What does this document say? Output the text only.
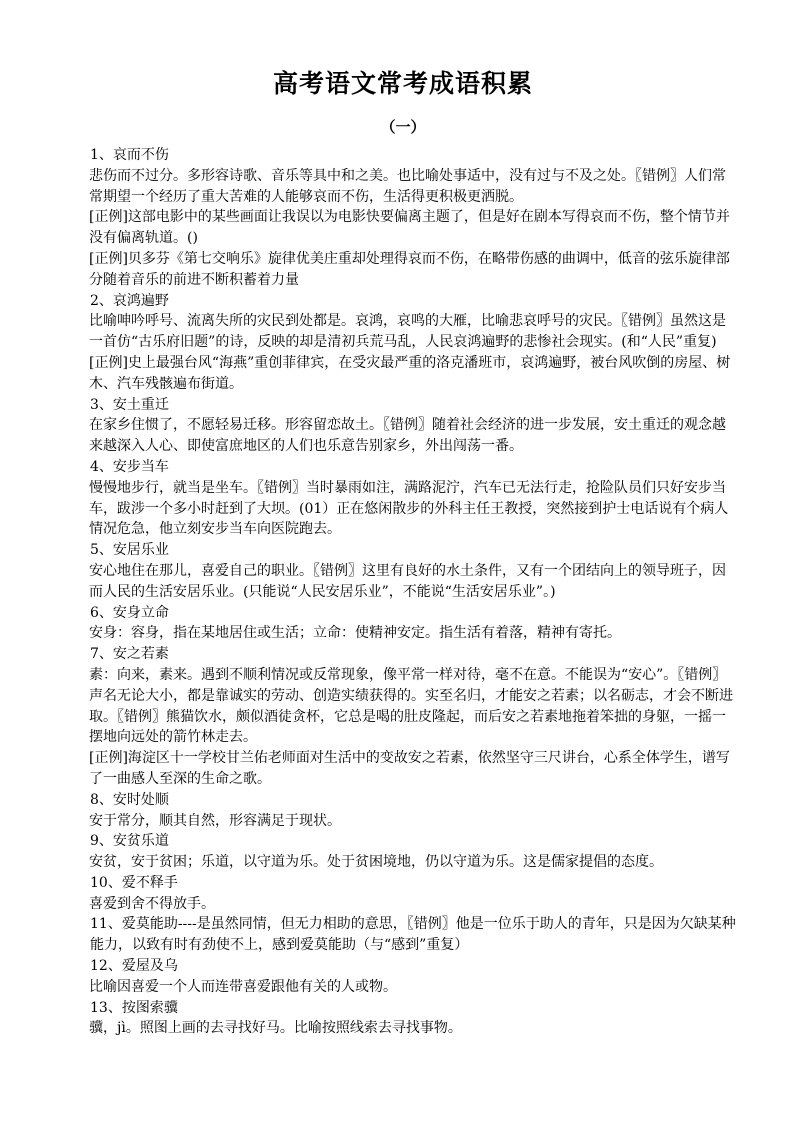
高考语文常考成语积累
（一）
1、哀而不伤
悲伤而不过分。多形容诗歌、音乐等具中和之美。也比喻处事适中，没有过与不及之处。〖错例〗人们常常期望一个经历了重大苦难的人能够哀而不伤，生活得更积极更洒脱。
[正例]这部电影中的某些画面让我误以为电影快要偏离主题了，但是好在剧本写得哀而不伤，整个情节并没有偏离轨道。()
[正例]贝多芬《第七交响乐》旋律优美庄重却处理得哀而不伤，在略带伤感的曲调中，低音的弦乐旋律部分随着音乐的前进不断积蓄着力量
2、哀鸿遍野
比喻呻吟呼号、流离失所的灾民到处都是。哀鸿，哀鸣的大雁，比喻悲哀呼号的灾民。〖错例〗虽然这是一首仿“古乐府旧题”的诗，反映的却是清初兵荒马乱，人民哀鸿遍野的悲惨社会现实。(和“人民”重复)
[正例]史上最强台风“海燕”重创菲律宾，在受灾最严重的洛克潘班市，哀鸿遍野，被台风吹倒的房屋、树木、汽车残骸遍布街道。
3、安土重迁
在家乡住惯了，不愿轻易迁移。形容留恋故土。〖错例〗随着社会经济的进一步发展，安土重迁的观念越来越深入人心、即使富庶地区的人们也乐意告别家乡，外出闯荡一番。
4、安步当车
慢慢地步行，就当是坐车。〖错例〗当时暴雨如注，满路泥泞，汽车已无法行走，抢险队员们只好安步当车，跋涉一个多小时赶到了大坝。(01）正在悠闲散步的外科主任王教授，突然接到护士电话说有个病人情况危急，他立刻安步当车向医院跑去。
5、安居乐业
安心地住在那儿，喜爱自己的职业。〖错例〗这里有良好的水土条件，又有一个团结向上的领导班子，因而人民的生活安居乐业。(只能说“人民安居乐业”，不能说“生活安居乐业”。)
6、安身立命
安身：容身，指在某地居住或生活；立命：使精神安定。指生活有着落，精神有寄托。
7、安之若素
素：向来，素来。遇到不顺利情况或反常现象，像平常一样对待，毫不在意。不能误为“安心”。〖错例〗声名无论大小，都是靠诚实的劳动、创造实绩获得的。实至名归，才能安之若素；以名砺志，才会不断进取。〖错例〗熊猫饮水，颇似酒徒贪杯，它总是喝的肚皮隆起，而后安之若素地拖着笨拙的身躯，一摇一摆地向远处的箭竹林走去。
[正例]海淀区十一学校甘兰佑老师面对生活中的变故安之若素，依然坚守三尺讲台，心系全体学生，谱写了一曲感人至深的生命之歌。
8、安时处顺
安于常分，顺其自然，形容满足于现状。
9、安贫乐道
安贫，安于贫困；乐道，以守道为乐。处于贫困境地，仍以守道为乐。这是儒家提倡的态度。
10、爱不释手
喜爱到舍不得放手。
11、爱莫能助----是虽然同情，但无力相助的意思，〖错例〗他是一位乐于助人的青年，只是因为欠缺某种能力，以致有时有劲使不上，感到爱莫能助（与“感到”重复）
12、爱屋及乌
比喻因喜爱一个人而连带喜爱跟他有关的人或物。
13、按图索骥
骥，jì。照图上画的去寻找好马。比喻按照线索去寻找事物。
